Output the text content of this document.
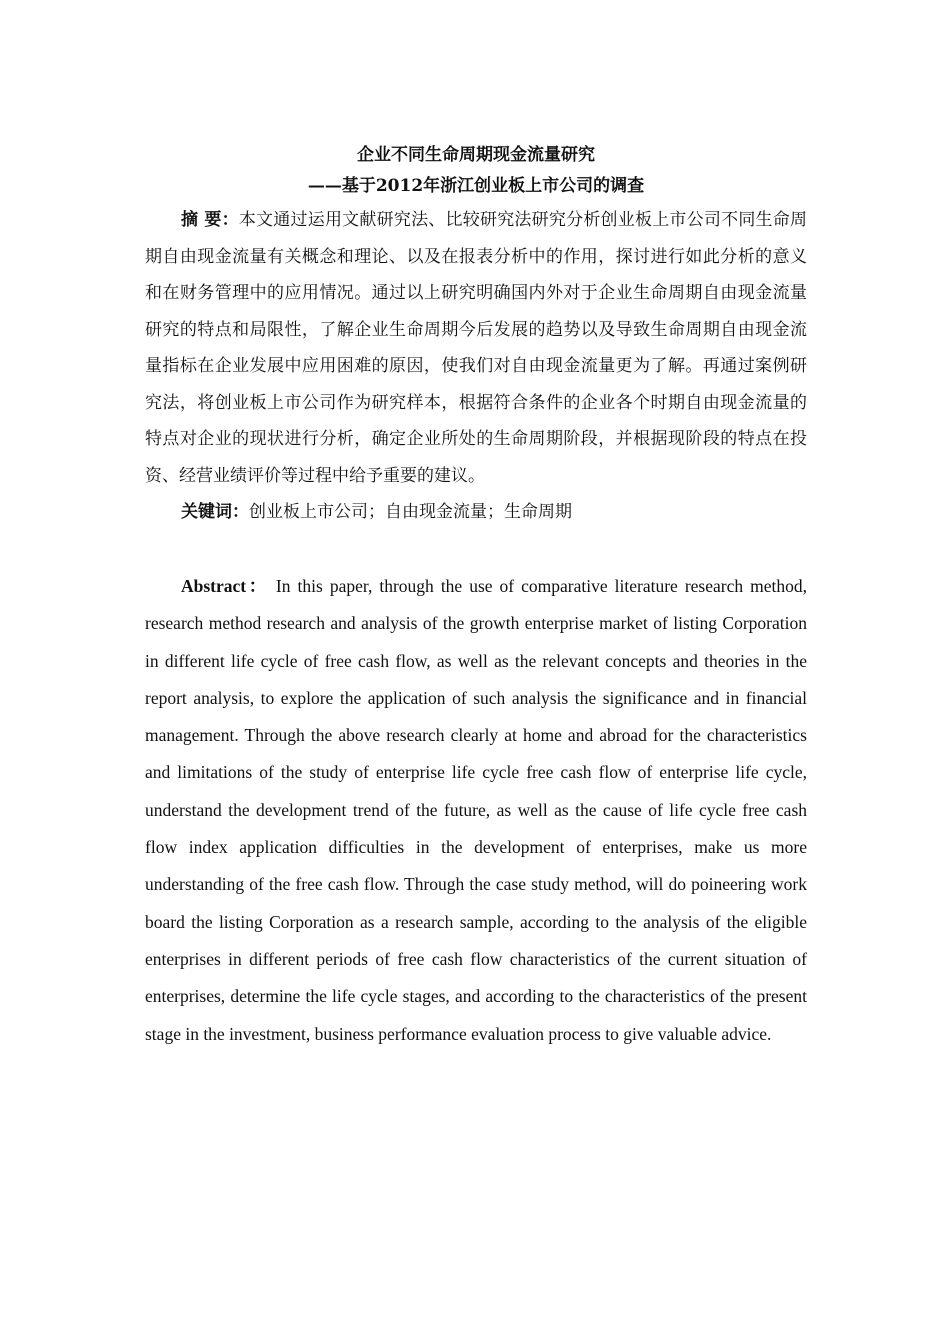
企业不同生命周期现金流量研究

——基于2012年浙江创业板上市公司的调查

摘 要：本文通过运用文献研究法、比较研究法研究分析创业板上市公司不同生命周期自由现金流量有关概念和理论、以及在报表分析中的作用，探讨进行如此分析的意义和在财务管理中的应用情况。通过以上研究明确国内外对于企业生命周期自由现金流量研究的特点和局限性，了解企业生命周期今后发展的趋势以及导致生命周期自由现金流量指标在企业发展中应用困难的原因，使我们对自由现金流量更为了解。再通过案例研究法，将创业板上市公司作为研究样本，根据符合条件的企业各个时期自由现金流量的特点对企业的现状进行分析，确定企业所处的生命周期阶段，并根据现阶段的特点在投资、经营业绩评价等过程中给予重要的建议。

关键词：创业板上市公司；自由现金流量；生命周期

Abstract： In this paper, through the use of comparative literature research method, research method research and analysis of the growth enterprise market of listing Corporation in different life cycle of free cash flow, as well as the relevant concepts and theories in the report analysis, to explore the application of such analysis the significance and in financial management. Through the above research clearly at home and abroad for the characteristics and limitations of the study of enterprise life cycle free cash flow of enterprise life cycle, understand the development trend of the future, as well as the cause of life cycle free cash flow index application difficulties in the development of enterprises, make us more understanding of the free cash flow. Through the case study method, will do poineering work board the listing Corporation as a research sample, according to the analysis of the eligible enterprises in different periods of free cash flow characteristics of the current situation of enterprises, determine the life cycle stages, and according to the characteristics of the present stage in the investment, business performance evaluation process to give valuable advice.
